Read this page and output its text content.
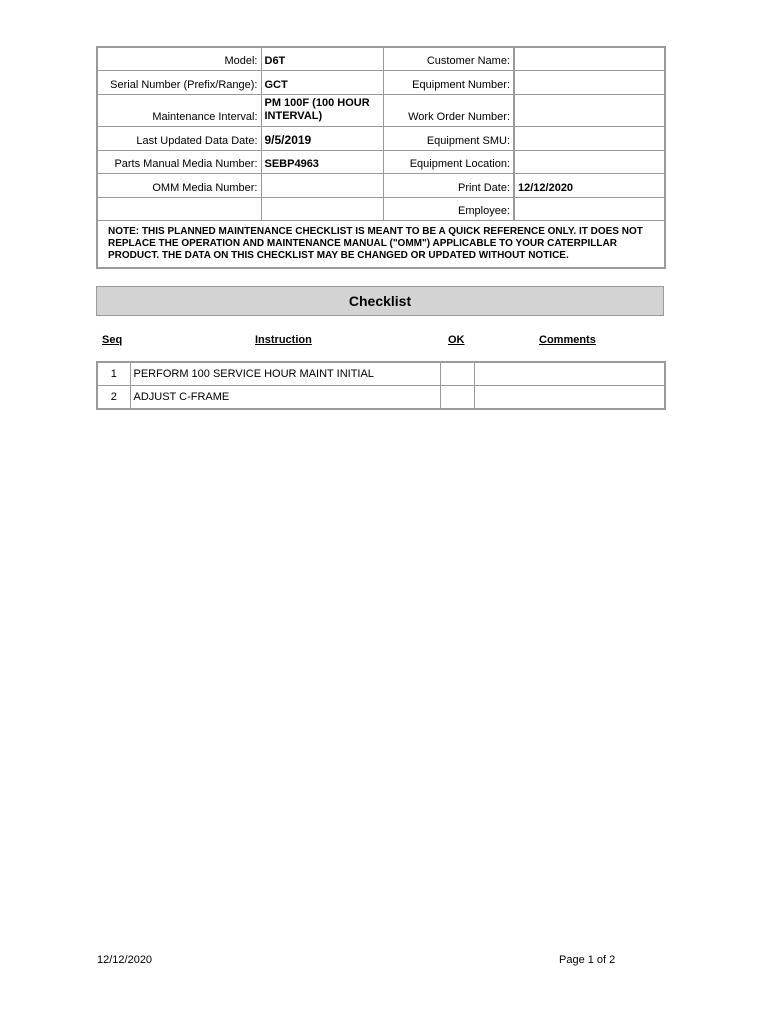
Model:	D6T	Customer Name:	
Serial Number (Prefix/Range):	GCT	Equipment Number:	
Maintenance Interval:	PM 100F (100 HOUR INTERVAL)	Work Order Number:	
Last Updated Data Date:	9/5/2019	Equipment SMU:	
Parts Manual Media Number:	SEBP4963	Equipment Location:	
OMM Media Number:		Print Date:	12/12/2020
		Employee:	
NOTE: THIS PLANNED MAINTENANCE CHECKLIST IS MEANT TO BE A QUICK REFERENCE ONLY. IT DOES NOT REPLACE THE OPERATION AND MAINTENANCE MANUAL ("OMM") APPLICABLE TO YOUR CATERPILLAR PRODUCT. THE DATA ON THIS CHECKLIST MAY BE CHANGED OR UPDATED WITHOUT NOTICE.			
Checklist
Seq	Instruction	OK	Comments
1	PERFORM 100 SERVICE HOUR MAINT INITIAL		
2	ADJUST C-FRAME		
12/12/2020	Page 1 of 2
